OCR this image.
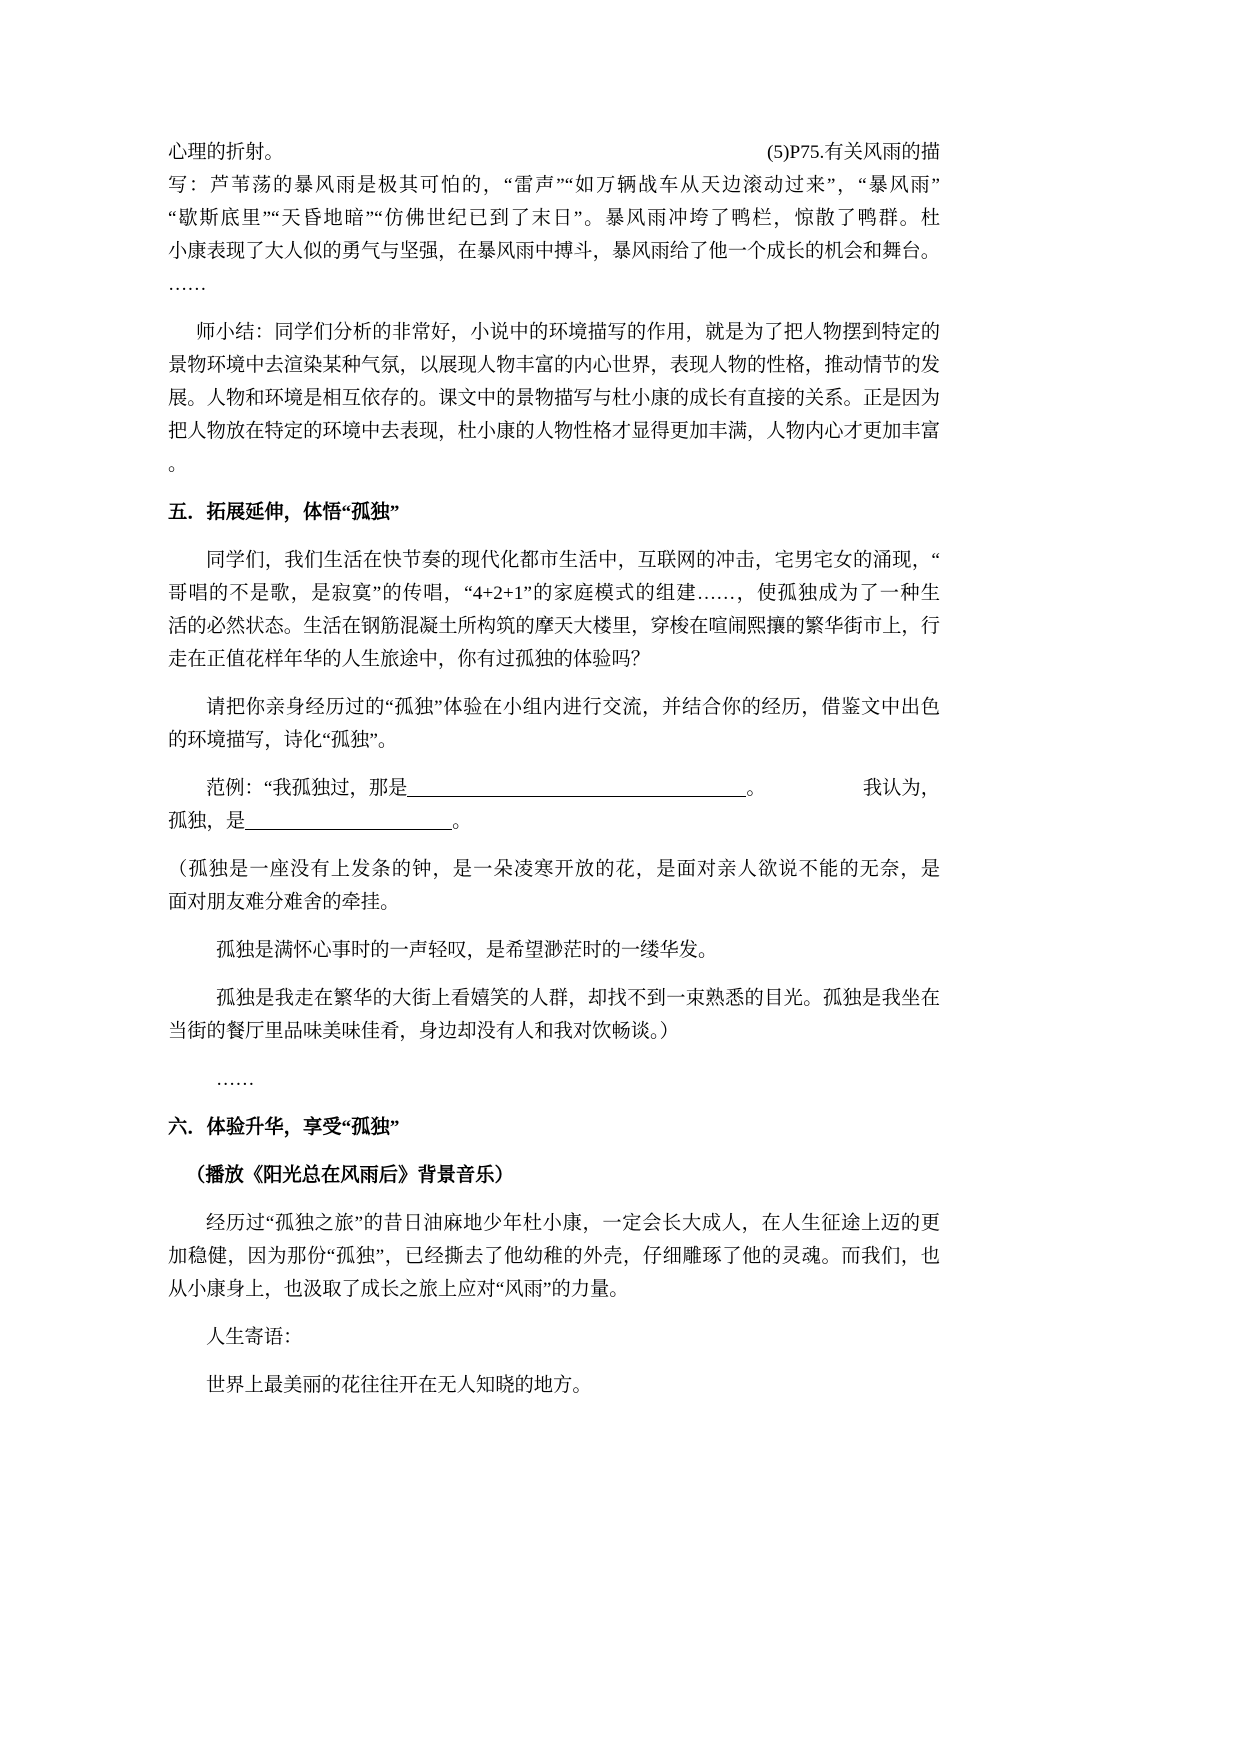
心理的折射。	(5)P75.有关风雨的描
写：芦苇荡的暴风雨是极其可怕的，“雷声”“如万辆战车从天边滚动过来”，“暴风雨”
“歇斯底里”“天昏地暗”“仿佛世纪已到了末日”。暴风雨冲垮了鸭栏，惊散了鸭群。杜
小康表现了大人似的勇气与坚强，在暴风雨中搏斗，暴风雨给了他一个成长的机会和舞台。
……
师小结：同学们分析的非常好，小说中的环境描写的作用，就是为了把人物摆到特定的
景物环境中去渲染某种气氛，以展现人物丰富的内心世界，表现人物的性格，推动情节的发
展。人物和环境是相互依存的。课文中的景物描写与杜小康的成长有直接的关系。正是因为
把人物放在特定的环境中去表现，杜小康的人物性格才显得更加丰满，人物内心才更加丰富
。
五．拓展延伸，体悟“孤独”
同学们，我们生活在快节奏的现代化都市生活中，互联网的冲击，宅男宅女的涌现，“
哥唱的不是歌，是寂寞”的传唱，“4+2+1”的家庭模式的组建……，使孤独成为了一种生
活的必然状态。生活在钢筋混凝土所构筑的摩天大楼里，穿梭在喧闹熙攘的繁华街市上，行
走在正值花样年华的人生旅途中，你有过孤独的体验吗？
请把你亲身经历过的“孤独”体验在小组内进行交流，并结合你的经历，借鉴文中出色
的环境描写，诗化“孤独”。
范例：“我孤独过，那是	。	我认为，
孤独，是	。
（孤独是一座没有上发条的钟，是一朵凌寒开放的花，是面对亲人欲说不能的无奈，是
面对朋友难分难舍的牵挂。
孤独是满怀心事时的一声轻叹，是希望渺茫时的一缕华发。
孤独是我走在繁华的大街上看嬉笑的人群，却找不到一束熟悉的目光。孤独是我坐在
当街的餐厅里品味美味佳肴，身边却没有人和我对饮畅谈。）
……
六．体验升华，享受“孤独”
（播放《阳光总在风雨后》背景音乐）
经历过“孤独之旅”的昔日油麻地少年杜小康，一定会长大成人，在人生征途上迈的更
加稳健，因为那份“孤独”，已经撕去了他幼稚的外壳，仔细雕琢了他的灵魂。而我们，也
从小康身上，也汲取了成长之旅上应对“风雨”的力量。
人生寄语：
世界上最美丽的花往往开在无人知晓的地方。
